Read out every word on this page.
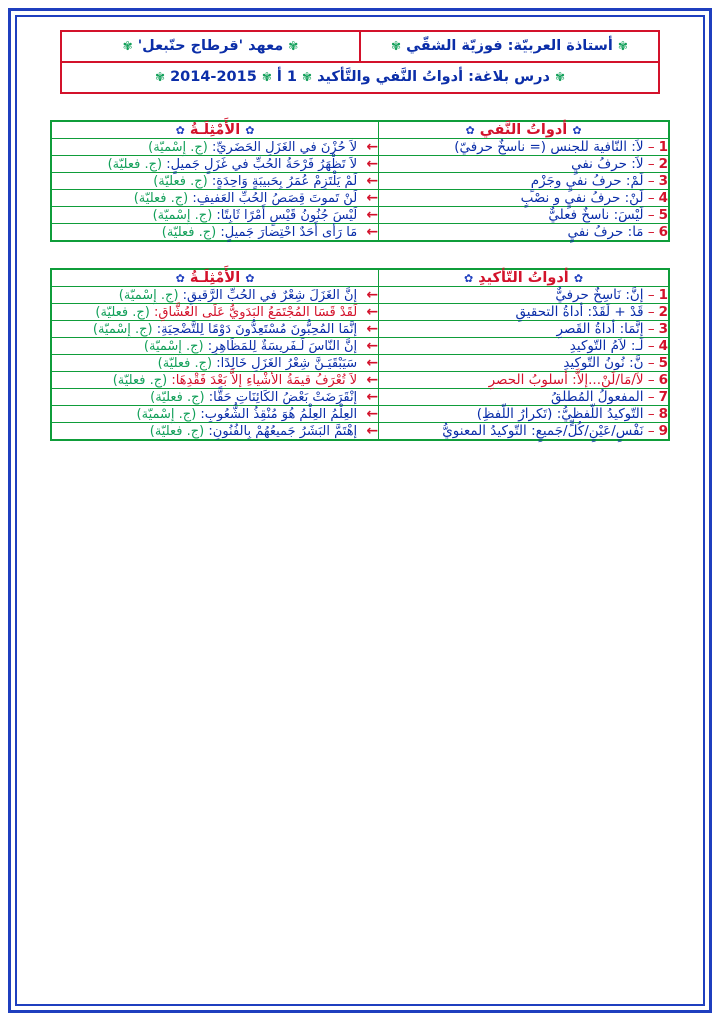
✾أستاذة العربيّة: فوزيّة الشقّي✾
✾معهد 'قرطاج حنّبعل'✾
✾درس بلاغة: أدواتُ النَّفي والتَّأكيد✾1 أ✾2015-2014✾
✿ أدواتُ النَّفي ✿	✿ الأَمْثِلَـةُ ✿
1– لاَ: النّافية للجنس (= ناسخٌ حرفيّ)	← لاَ حُزْنَ في الغَزَلِ الحَضَريِّ: (ج. إِسْميّة)
2– لاَ: حرفُ نفيٍ	← لاَ تَظْهَرُ فَرْحَةُ الحُبِّ في غَزَلٍ جَميلٍ: (ج. فعليّة)
3– لَمْ: حرفُ نفيٍ وجَزْمٍ	← لَمْ يَلْتَزِمْ عُمَرُ بِحَبيبَةٍ وَاحِدَةٍ: (ج. فعليّة)
4– لَنْ: حرفُ نفيٍ و نصْبٍ	← لَنْ تَموتَ قِصَصُ الحُبِّ العَفيفِ: (ج. فعليّة)
5– لَيْسَ: ناسخٌ فعليٌّ	← لَيْسَ جُنُونُ قَيْسٍ أَمْرًا ثَابِتًا: (ج. إِسْميّة)
6– مَا: حرفُ نفيٍ	← مَا رَأى أَحَدٌ احْتِضارَ جَميلٍ: (ج. فعليّة)
✿ أدواتُ التّأكيدِ ✿	✿ الأَمْثِلَـةُ ✿
1– إنَّ: نَاسِخٌ حرفيٌّ	← إنَّ الغَزَلَ شِعْرٌ في الحُبِّ الرَّقيقِ: (ج. إِسْميّة)
2– قَدْ + لَقَدْ: أداةُ التحقيقِ	← لَقَدْ قَسَا المُجْتَمَعُ البَدَويُّ عَلَى العُشَّاقِ: (ج. فعليّة)
3– إنَّمَا: أداةُ القَصرِ	← إنَّمَا المُحِبُّونَ مُسْتَعِدُّونَ دَوْمًا لِلتَّضْحِيَةِ: (ج. إِسْميّة)
4– لَـ: لاَمُ التّوكيدِ	← إنَّ النّاسَ لَـفَريسَةٌ لِلمَظَاهِرِ: (ج. إِسْميّة)
5– نَّ: نُونُ التّوكيدِ	← سَيَبْقَيَـنَّ شِعْرُ الغَزَلِ خَالِدًا: (ج. فعليّة)
6– لاَ/مَا/لَنْ...إلاَّ: أسلوبُ الحصرِ	← لاَ تُعْرَفُ قيمَةُ الأشْياءِ إلاَّ بَعْدَ فَقْدِهَا: (ج. فعليّة)
7– المفعولُ المُطلقُ	← إنْقَرَضَتْ بَعْضُ الكَائِنَاتِ حَقًّا: (ج. فعليّة)
8– التّوكيدُ اللّفظيُّ: (تَكرارُ اللّفظِ)	← العِلْمُ العِلْمُ هُوَ مُنْقِذُ الشُّعُوبِ: (ج. إِسْميّة)
9– نَفْسٍ/عَيْنٍ/كُلٍّ/جَميعٍ: التّوكيدُ المعنويُّ	← إهْتَمَّ البَشَرُ جَميعُهُمْ بِالفُنُونِ: (ج. فعليّة)
